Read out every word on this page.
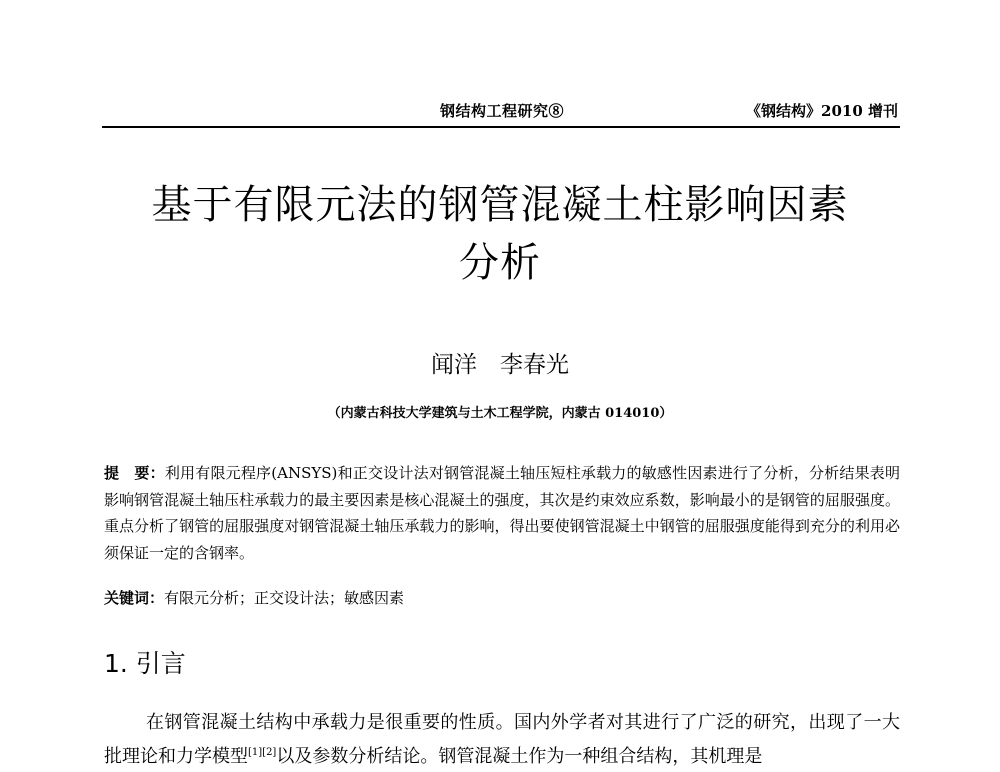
钢结构工程研究⑧	《钢结构》2010 增刊
基于有限元法的钢管混凝土柱影响因素
分析
闻洋　李春光
（内蒙古科技大学建筑与土木工程学院，内蒙古 014010）
提　要：利用有限元程序(ANSYS)和正交设计法对钢管混凝土轴压短柱承载力的敏感性因素进行了分析，分析结果表明影响钢管混凝土轴压柱承载力的最主要因素是核心混凝土的强度，其次是约束效应系数，影响最小的是钢管的屈服强度。重点分析了钢管的屈服强度对钢管混凝土轴压承载力的影响，得出要使钢管混凝土中钢管的屈服强度能得到充分的利用必须保证一定的含钢率。
关键词：有限元分析；正交设计法；敏感因素
1. 引言
在钢管混凝土结构中承载力是很重要的性质。国内外学者对其进行了广泛的研究，出现了一大批理论和力学模型[1][2]以及参数分析结论。钢管混凝土作为一种组合结构，其机理是
